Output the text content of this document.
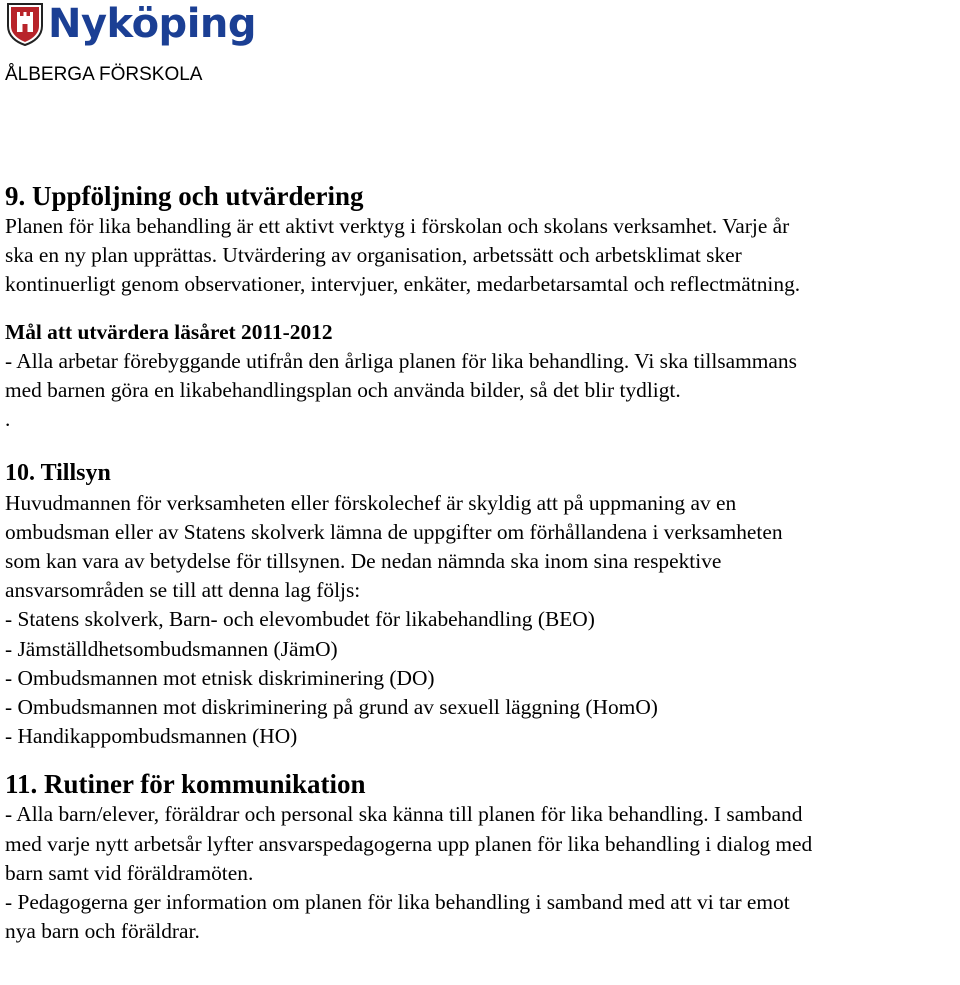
Nyköping
ÅLBERGA FÖRSKOLA
9. Uppföljning och utvärdering

Planen för lika behandling är ett aktivt verktyg i förskolan och skolans verksamhet. Varje år

ska en ny plan upprättas. Utvärdering av organisation, arbetssätt och arbetsklimat sker

kontinuerligt genom observationer, intervjuer, enkäter, medarbetarsamtal och reflectmätning.

Mål att utvärdera läsåret 2011-2012

- Alla arbetar förebyggande utifrån den årliga planen för lika behandling. Vi ska tillsammans

med barnen göra en likabehandlingsplan och använda bilder, så det blir tydligt.

.

10. Tillsyn

Huvudmannen för verksamheten eller förskolechef är skyldig att på uppmaning av en

ombudsman eller av Statens skolverk lämna de uppgifter om förhållandena i verksamheten

som kan vara av betydelse för tillsynen. De nedan nämnda ska inom sina respektive

ansvarsområden se till att denna lag följs:

- Statens skolverk, Barn- och elevombudet för likabehandling (BEO)

- Jämställdhetsombudsmannen (JämO)

- Ombudsmannen mot etnisk diskriminering (DO)

- Ombudsmannen mot diskriminering på grund av sexuell läggning (HomO)

- Handikappombudsmannen (HO)

11. Rutiner för kommunikation

- Alla barn/elever, föräldrar och personal ska känna till planen för lika behandling. I samband

med varje nytt arbetsår lyfter ansvarspedagogerna upp planen för lika behandling i dialog med

barn samt vid föräldramöten.

- Pedagogerna ger information om planen för lika behandling i samband med att vi tar emot

nya barn och föräldrar.
